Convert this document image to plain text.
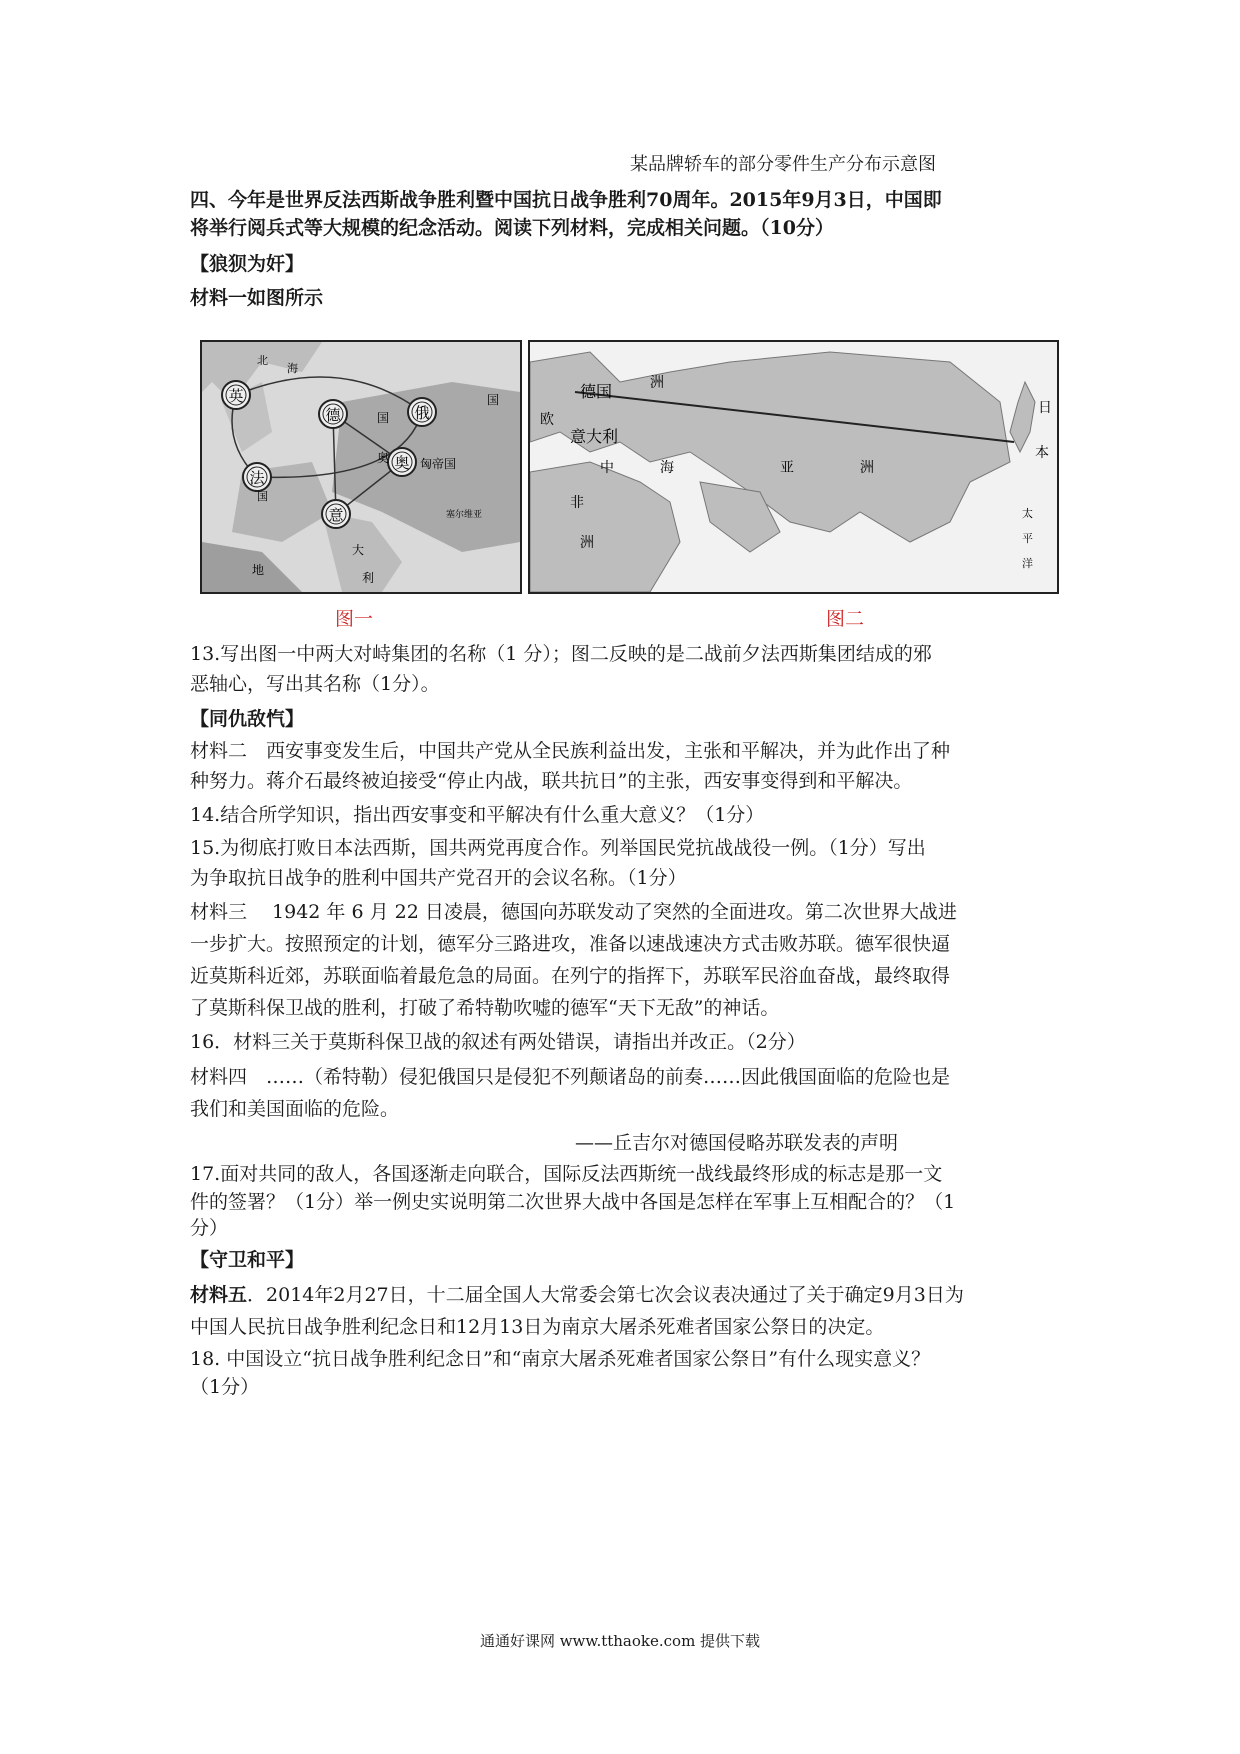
某品牌轿车的部分零件生产分布示意图
四、今年是世界反法西斯战争胜利暨中国抗日战争胜利70周年。2015年9月3日，中国即
将举行阅兵式等大规模的纪念活动。阅读下列材料，完成相关问题。（10分）
【狼狈为奸】
材料一如图所示
英
法
德	俄
奥
意
海
北
国
国
奥	匈帝国
大
利
地
塞尔维亚
国
德国
欧
洲
意大利
中	海	亚	洲
非
洲
日
本
太
平
洋
图一	图二
13.写出图一中两大对峙集团的名称（1 分）；图二反映的是二战前夕法西斯集团结成的邪
恶轴心，写出其名称（1分）。
【同仇敌忾】
材料二　西安事变发生后，中国共产党从全民族利益出发，主张和平解决，并为此作出了种
种努力。蒋介石最终被迫接受“停止内战，联共抗日”的主张，西安事变得到和平解决。
14.结合所学知识，指出西安事变和平解决有什么重大意义？（1分）
15.为彻底打败日本法西斯，国共两党再度合作。列举国民党抗战战役一例。（1分）写出
为争取抗日战争的胜利中国共产党召开的会议名称。（1分）
材料三　 1942 年 6 月 22 日凌晨，德国向苏联发动了突然的全面进攻。第二次世界大战进
一步扩大。按照预定的计划，德军分三路进攻，准备以速战速决方式击败苏联。德军很快逼
近莫斯科近郊，苏联面临着最危急的局面。在列宁的指挥下，苏联军民浴血奋战，最终取得
了莫斯科保卫战的胜利，打破了希特勒吹嘘的德军“天下无敌”的神话。
16．材料三关于莫斯科保卫战的叙述有两处错误，请指出并改正。（2分）
材料四　……（希特勒）侵犯俄国只是侵犯不列颠诸岛的前奏……因此俄国面临的危险也是
我们和美国面临的危险。
——丘吉尔对德国侵略苏联发表的声明
17.面对共同的敌人，各国逐渐走向联合，国际反法西斯统一战线最终形成的标志是那一文
件的签署？（1分）举一例史实说明第二次世界大战中各国是怎样在军事上互相配合的？（1
分）
【守卫和平】
材料五．2014年2月27日，十二届全国人大常委会第七次会议表决通过了关于确定9月3日为
中国人民抗日战争胜利纪念日和12月13日为南京大屠杀死难者国家公祭日的决定。
18. 中国设立“抗日战争胜利纪念日”和“南京大屠杀死难者国家公祭日”有什么现实意义？
（1分）
通通好课网 www.tthaoke.com 提供下载
